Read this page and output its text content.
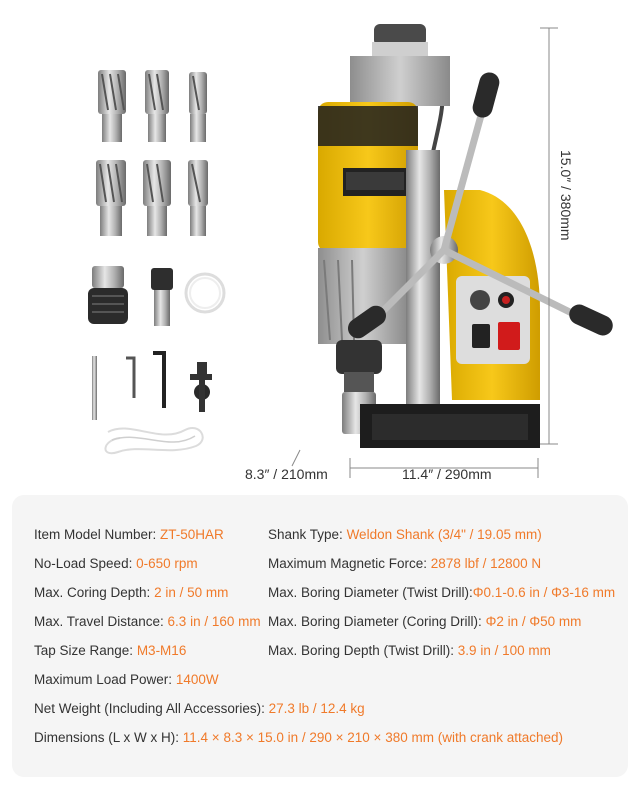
15.0″ / 380mm
8.3″ / 210mm	11.4″ / 290mm
Item Model Number: ZT-50HAR	Shank Type: Weldon Shank (3/4" / 19.05 mm)
No-Load Speed: 0-650 rpm	Maximum Magnetic Force: 2878 lbf / 12800 N
Max. Coring Depth: 2 in / 50 mm	Max. Boring Diameter (Twist Drill):Φ0.1-0.6 in / Φ3-16 mm
Max. Travel Distance: 6.3 in / 160 mm Max. Boring Diameter (Coring Drill): Φ2 in / Φ50 mm
Tap Size Range: M3-M16	Max. Boring Depth (Twist Drill): 3.9 in / 100 mm
Maximum Load Power: 1400W
Net Weight (Including All Accessories): 27.3 lb / 12.4 kg
Dimensions (L x W x H): 11.4 × 8.3 × 15.0 in / 290 × 210 × 380 mm (with crank attached)
